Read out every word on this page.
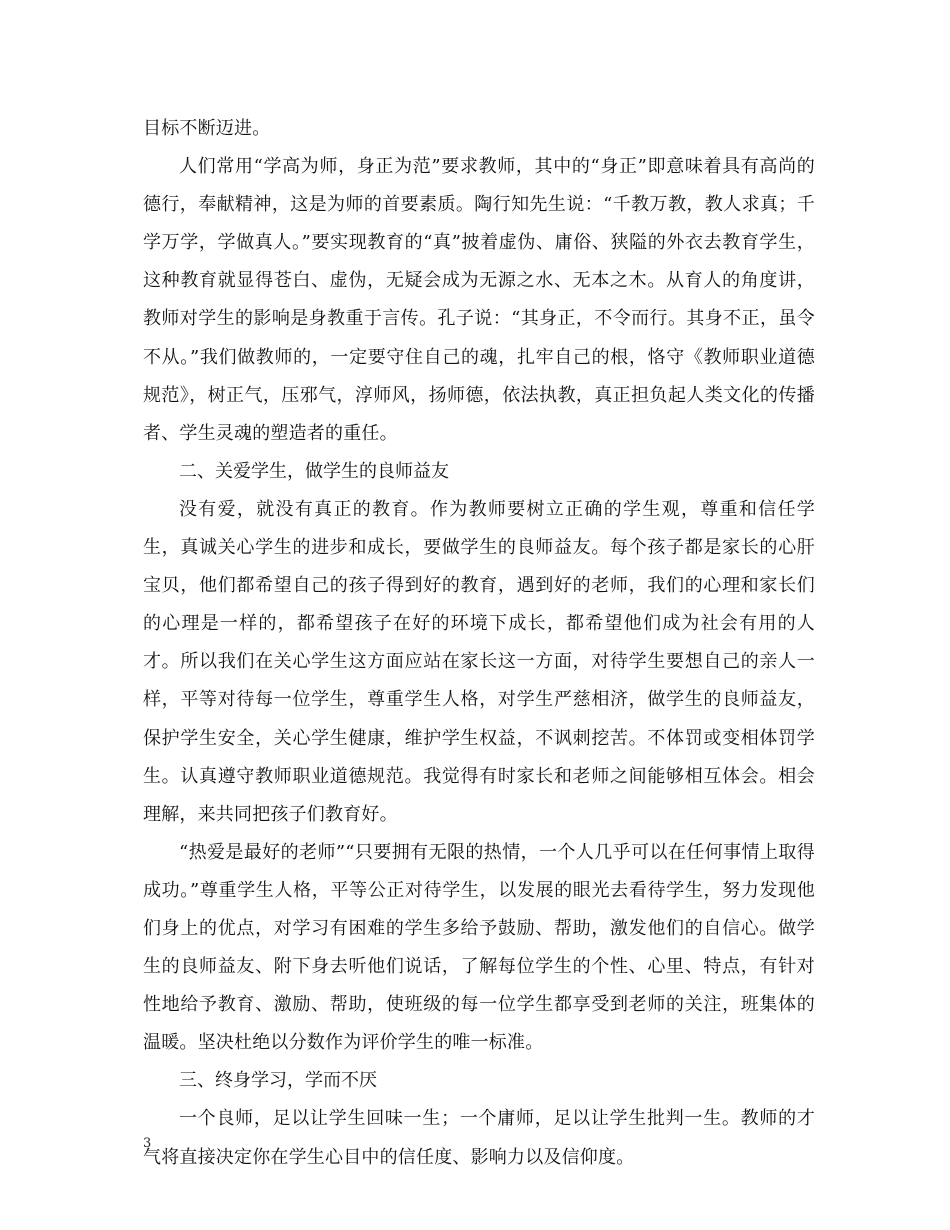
目标不断迈进。

人们常用“学高为师，身正为范”要求教师，其中的“身正”即意味着具有高尚的德行，奉献精神，这是为师的首要素质。陶行知先生说：“千教万教，教人求真；千学万学，学做真人。”要实现教育的“真”披着虚伪、庸俗、狭隘的外衣去教育学生，这种教育就显得苍白、虚伪，无疑会成为无源之水、无本之木。从育人的角度讲，教师对学生的影响是身教重于言传。孔子说：“其身正，不令而行。其身不正，虽令不从。”我们做教师的，一定要守住自己的魂，扎牢自己的根，恪守《教师职业道德规范》，树正气，压邪气，淳师风，扬师德，依法执教，真正担负起人类文化的传播者、学生灵魂的塑造者的重任。

二、关爱学生，做学生的良师益友

没有爱，就没有真正的教育。作为教师要树立正确的学生观，尊重和信任学生，真诚关心学生的进步和成长，要做学生的良师益友。每个孩子都是家长的心肝宝贝，他们都希望自己的孩子得到好的教育，遇到好的老师，我们的心理和家长们的心理是一样的，都希望孩子在好的环境下成长，都希望他们成为社会有用的人才。所以我们在关心学生这方面应站在家长这一方面，对待学生要想自己的亲人一样，平等对待每一位学生，尊重学生人格，对学生严慈相济，做学生的良师益友，保护学生安全，关心学生健康，维护学生权益，不讽刺挖苦。不体罚或变相体罚学生。认真遵守教师职业道德规范。我觉得有时家长和老师之间能够相互体会。相会理解，来共同把孩子们教育好。

“热爱是最好的老师”“只要拥有无限的热情，一个人几乎可以在任何事情上取得成功。”尊重学生人格，平等公正对待学生，以发展的眼光去看待学生，努力发现他们身上的优点，对学习有困难的学生多给予鼓励、帮助，激发他们的自信心。做学生的良师益友、附下身去听他们说话，了解每位学生的个性、心里、特点，有针对性地给予教育、激励、帮助，使班级的每一位学生都享受到老师的关注，班集体的温暖。坚决杜绝以分数作为评价学生的唯一标准。

三、终身学习，学而不厌

一个良师，足以让学生回味一生；一个庸师，足以让学生批判一生。教师的才气将直接决定你在学生心目中的信任度、影响力以及信仰度。

3
